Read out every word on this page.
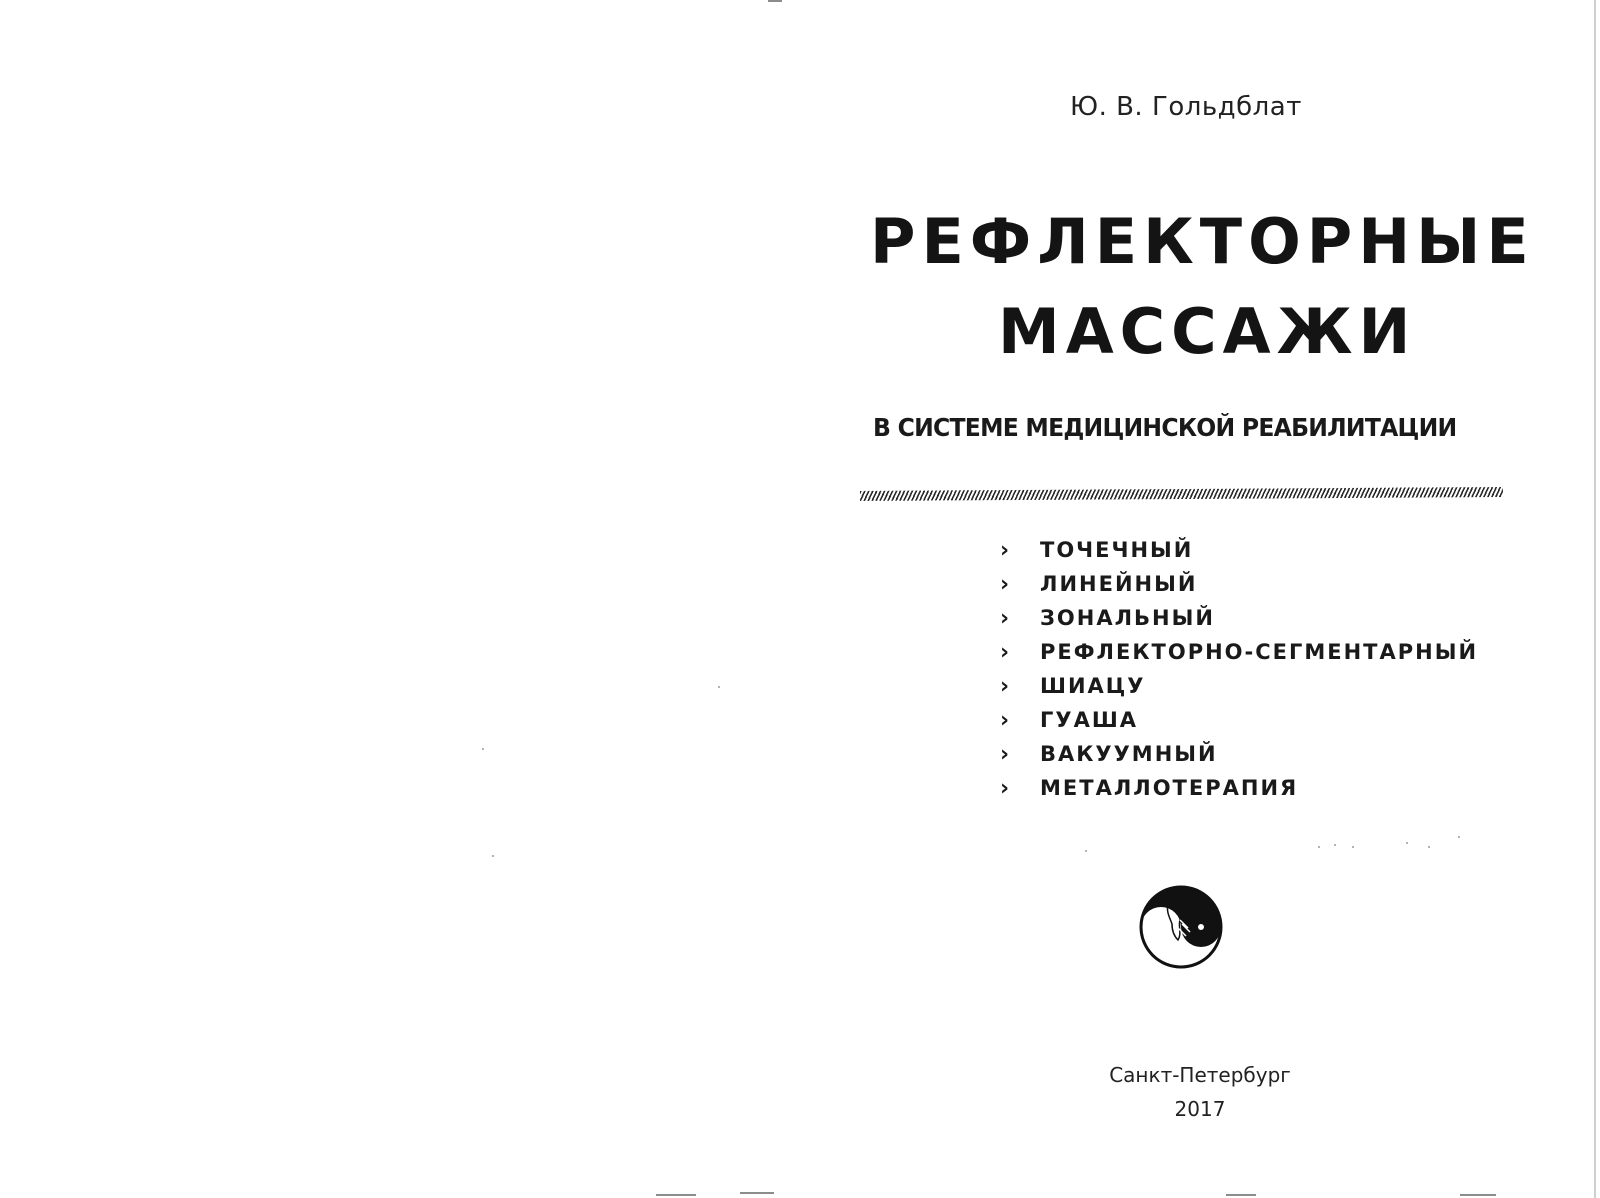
Ю. В. Гольдблат
РЕФЛЕКТОРНЫЕ
МАССАЖИ
В СИСТЕМЕ МЕДИЦИНСКОЙ РЕАБИЛИТАЦИИ
›	ТОЧЕЧНЫЙ
›	ЛИНЕЙНЫЙ
›	ЗОНАЛЬНЫЙ
›	РЕФЛЕКТОРНО-СЕГМЕНТАРНЫЙ
›	ШИАЦУ
›	ГУАША
›	ВАКУУМНЫЙ
›	МЕТАЛЛОТЕРАПИЯ
Санкт-Петербург
2017
